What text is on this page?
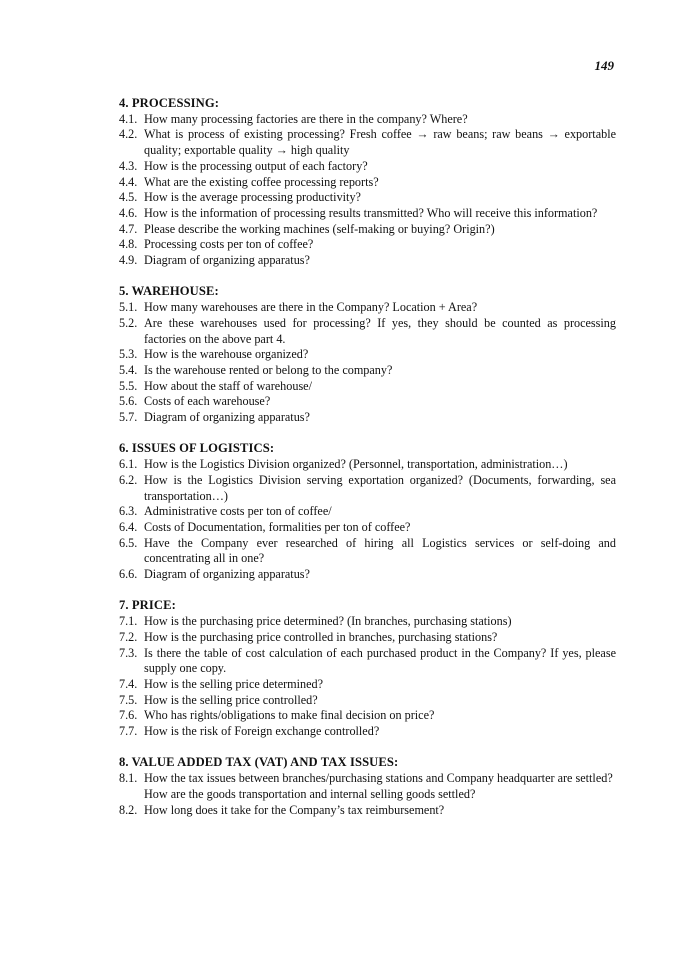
149
4. PROCESSING:
4.1. How many processing factories are there in the company? Where?
4.2. What is process of existing processing? Fresh coffee → raw beans; raw beans → exportable quality; exportable quality → high quality
4.3. How is the processing output of each factory?
4.4. What are the existing coffee processing reports?
4.5. How is the average processing productivity?
4.6. How is the information of processing results transmitted? Who will receive this information?
4.7. Please describe the working machines (self-making or buying? Origin?)
4.8. Processing costs per ton of coffee?
4.9. Diagram of organizing apparatus?
5. WAREHOUSE:
5.1. How many warehouses are there in the Company? Location + Area?
5.2. Are these warehouses used for processing? If yes, they should be counted as processing factories on the above part 4.
5.3. How is the warehouse organized?
5.4. Is the warehouse rented or belong to the company?
5.5. How about the staff of warehouse/
5.6. Costs of each warehouse?
5.7. Diagram of organizing apparatus?
6. ISSUES OF LOGISTICS:
6.1. How is the Logistics Division organized? (Personnel, transportation, administration…)
6.2. How is the Logistics Division serving exportation organized? (Documents, forwarding, sea transportation…)
6.3. Administrative costs per ton of coffee/
6.4. Costs of Documentation, formalities per ton of coffee?
6.5. Have the Company ever researched of hiring all Logistics services or self-doing and concentrating all in one?
6.6. Diagram of organizing apparatus?
7. PRICE:
7.1. How is the purchasing price determined? (In branches, purchasing stations)
7.2. How is the purchasing price controlled in branches, purchasing stations?
7.3. Is there the table of cost calculation of each purchased product in the Company? If yes, please supply one copy.
7.4. How is the selling price determined?
7.5. How is the selling price controlled?
7.6. Who has rights/obligations to make final decision on price?
7.7. How is the risk of Foreign exchange controlled?
8. VALUE ADDED TAX (VAT) AND TAX ISSUES:
8.1. How the tax issues between branches/purchasing stations and Company headquarter are settled?
How are the goods transportation and internal selling goods settled?
8.2. How long does it take for the Company’s tax reimbursement?
